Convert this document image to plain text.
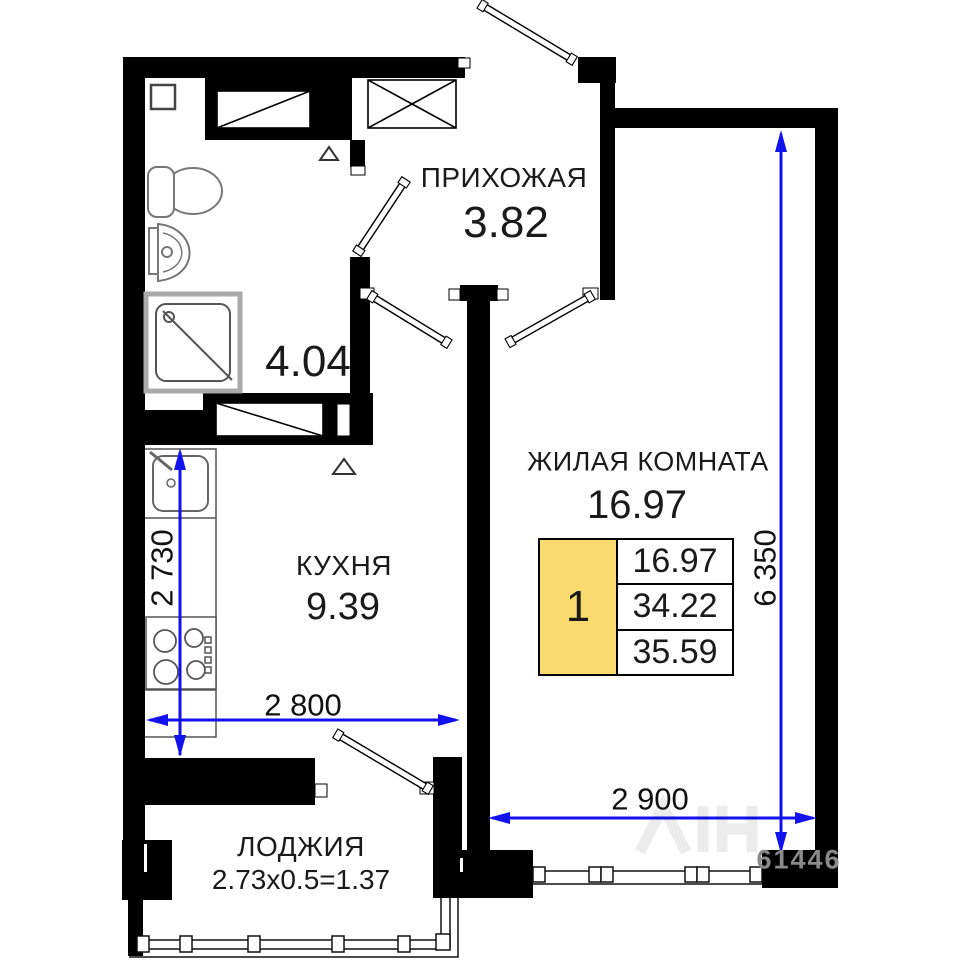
ПРИХОЖАЯ
3.82
4.04
ЖИЛАЯ КОМНАТА
16.97
КУХНЯ
9.39
ЛОДЖИЯ
2.73х0.5=1.37
2 730
2 800
6 350
2 900
1
16.97
34.22
35.59
61446
